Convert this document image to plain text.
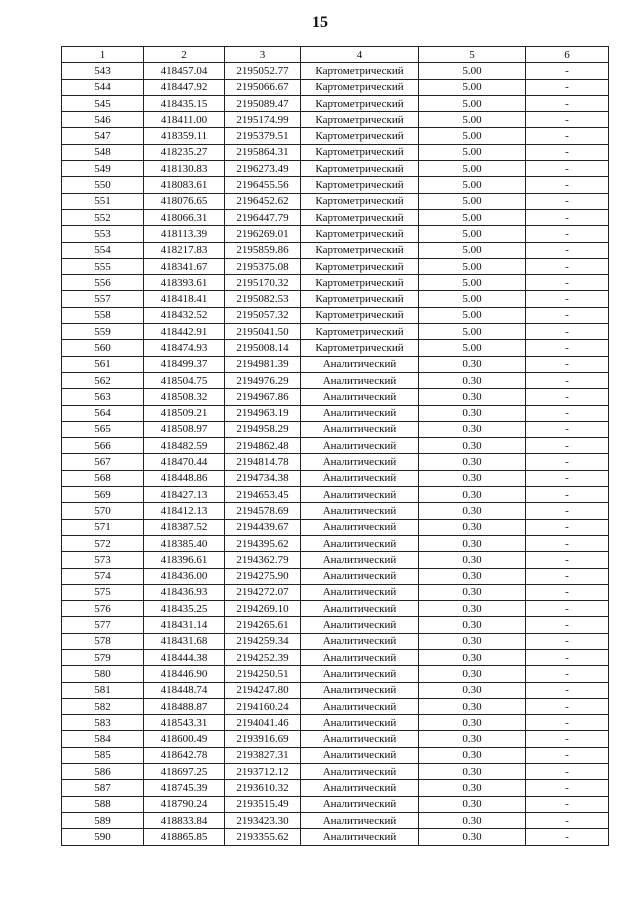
15
1	2	3	4	5	6
543	418457.04	2195052.77	Картометрический	5.00	-
544	418447.92	2195066.67	Картометрический	5.00	-
545	418435.15	2195089.47	Картометрический	5.00	-
546	418411.00	2195174.99	Картометрический	5.00	-
547	418359.11	2195379.51	Картометрический	5.00	-
548	418235.27	2195864.31	Картометрический	5.00	-
549	418130.83	2196273.49	Картометрический	5.00	-
550	418083.61	2196455.56	Картометрический	5.00	-
551	418076.65	2196452.62	Картометрический	5.00	-
552	418066.31	2196447.79	Картометрический	5.00	-
553	418113.39	2196269.01	Картометрический	5.00	-
554	418217.83	2195859.86	Картометрический	5.00	-
555	418341.67	2195375.08	Картометрический	5.00	-
556	418393.61	2195170.32	Картометрический	5.00	-
557	418418.41	2195082.53	Картометрический	5.00	-
558	418432.52	2195057.32	Картометрический	5.00	-
559	418442.91	2195041.50	Картометрический	5.00	-
560	418474.93	2195008.14	Картометрический	5.00	-
561	418499.37	2194981.39	Аналитический	0.30	-
562	418504.75	2194976.29	Аналитический	0.30	-
563	418508.32	2194967.86	Аналитический	0.30	-
564	418509.21	2194963.19	Аналитический	0.30	-
565	418508.97	2194958.29	Аналитический	0.30	-
566	418482.59	2194862.48	Аналитический	0.30	-
567	418470.44	2194814.78	Аналитический	0.30	-
568	418448.86	2194734.38	Аналитический	0.30	-
569	418427.13	2194653.45	Аналитический	0.30	-
570	418412.13	2194578.69	Аналитический	0.30	-
571	418387.52	2194439.67	Аналитический	0.30	-
572	418385.40	2194395.62	Аналитический	0.30	-
573	418396.61	2194362.79	Аналитический	0.30	-
574	418436.00	2194275.90	Аналитический	0.30	-
575	418436.93	2194272.07	Аналитический	0.30	-
576	418435.25	2194269.10	Аналитический	0.30	-
577	418431.14	2194265.61	Аналитический	0.30	-
578	418431.68	2194259.34	Аналитический	0.30	-
579	418444.38	2194252.39	Аналитический	0.30	-
580	418446.90	2194250.51	Аналитический	0.30	-
581	418448.74	2194247.80	Аналитический	0.30	-
582	418488.87	2194160.24	Аналитический	0.30	-
583	418543.31	2194041.46	Аналитический	0.30	-
584	418600.49	2193916.69	Аналитический	0.30	-
585	418642.78	2193827.31	Аналитический	0.30	-
586	418697.25	2193712.12	Аналитический	0.30	-
587	418745.39	2193610.32	Аналитический	0.30	-
588	418790.24	2193515.49	Аналитический	0.30	-
589	418833.84	2193423.30	Аналитический	0.30	-
590	418865.85	2193355.62	Аналитический	0.30	-
